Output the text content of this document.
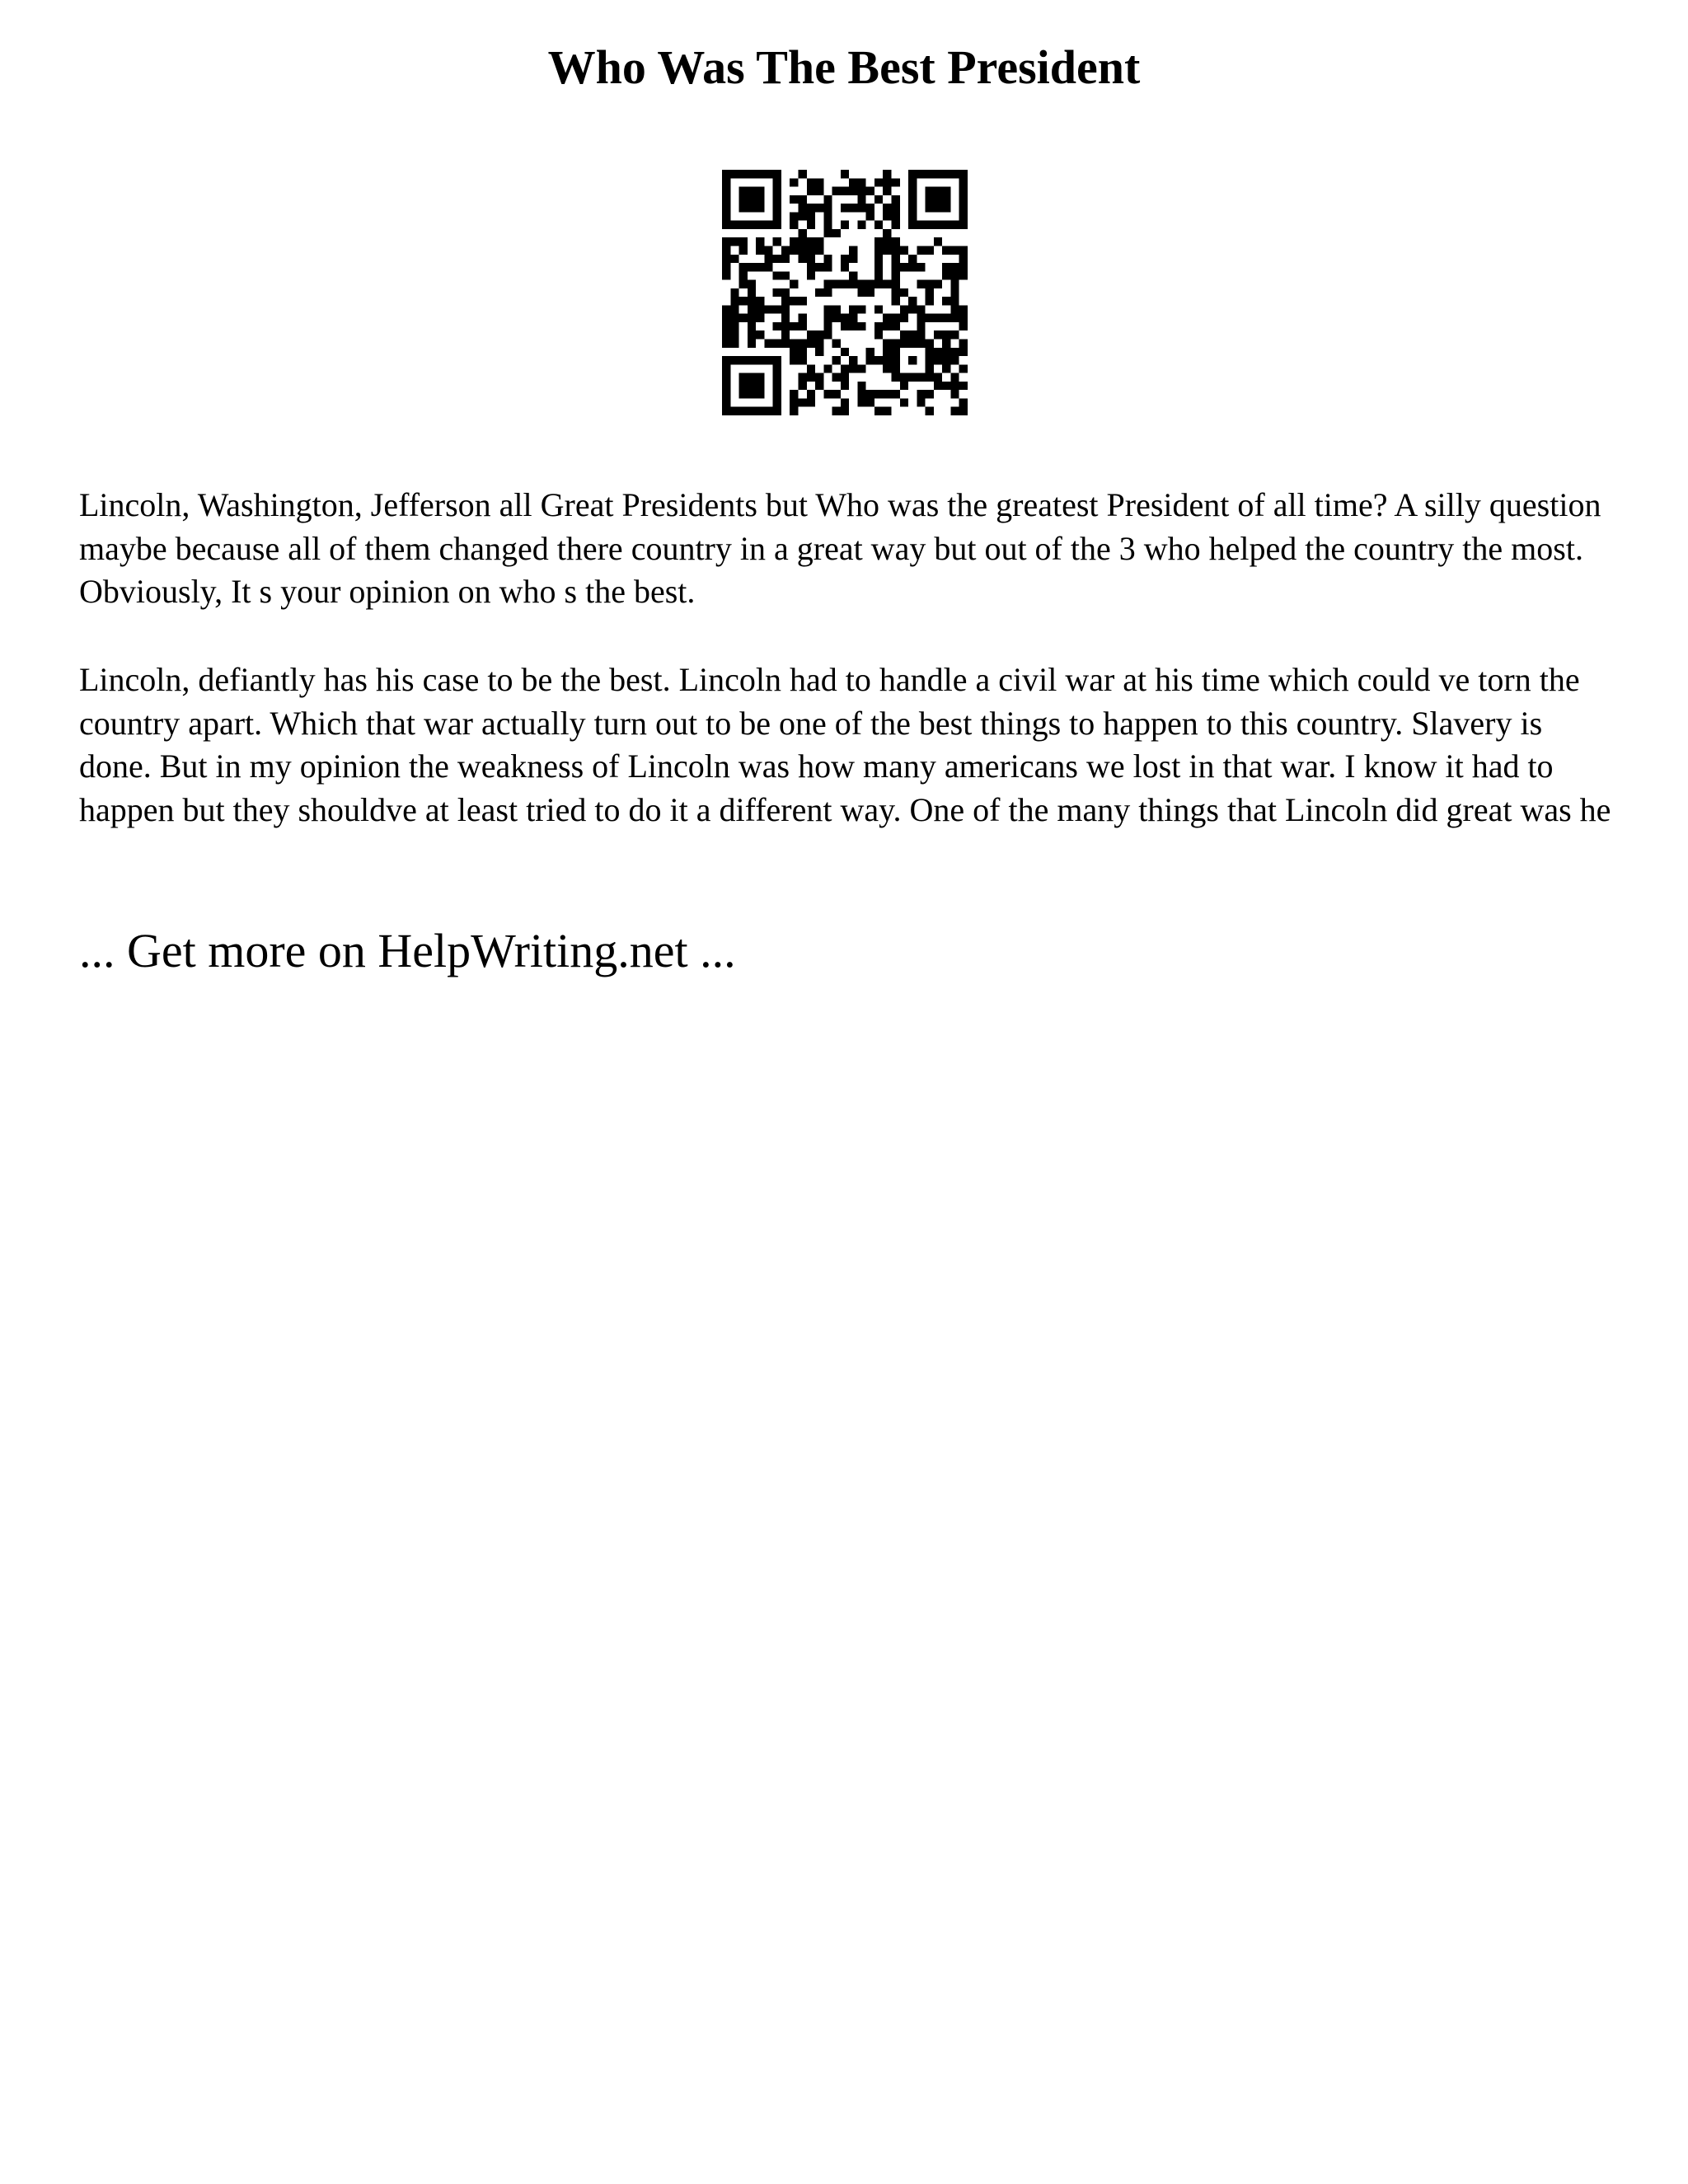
Who Was The Best President

Lincoln, Washington, Jefferson all Great Presidents but Who was the greatest President of all time? A silly question maybe because all of them changed there country in a great way but out of the 3 who helped the country the most. Obviously, It s your opinion on who s the best.

Lincoln, defiantly has his case to be the best. Lincoln had to handle a civil war at his time which could ve torn the country apart. Which that war actually turn out to be one of the best things to happen to this country. Slavery is done. But in my opinion the weakness of Lincoln was how many americans we lost in that war. I know it had to happen but they shouldve at least tried to do it a different way. One of the many things that Lincoln did great was he

... Get more on HelpWriting.net ...
